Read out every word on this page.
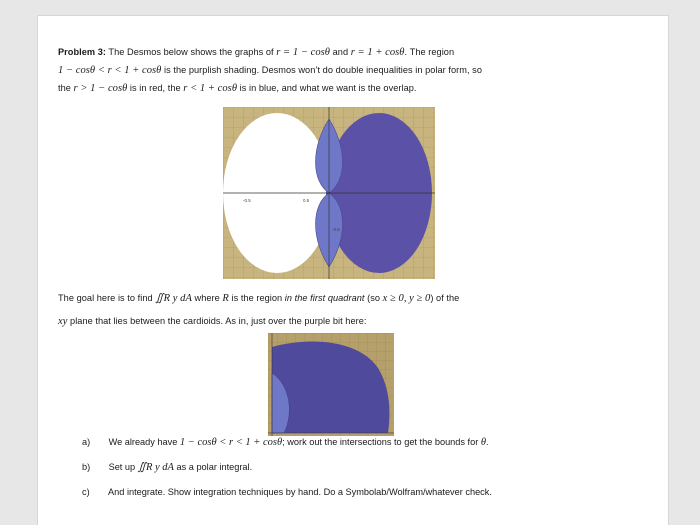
Problem 3: The Desmos below shows the graphs of r = 1 − cosθ and r = 1 + cosθ. The region
1 − cosθ < r < 1 + cosθ is the purplish shading. Desmos won’t do double inequalities in polar form, so
the r > 1 − cosθ is in red, the r < 1 + cosθ is in blue, and what we want is the overlap.
-0.5	0.5
-0.5
The goal here is to find ∬R y dA where R is the region in the first quadrant (so x ≥ 0, y ≥ 0) of the
xy plane that lies between the cardioids. As in, just over the purple bit here:
a) We already have 1 − cosθ < r < 1 + cosθ; work out the intersections to get the bounds for θ.
b) Set up ∬R y dA as a polar integral.
c) And integrate. Show integration techniques by hand. Do a Symbolab/Wolfram/whatever check.
